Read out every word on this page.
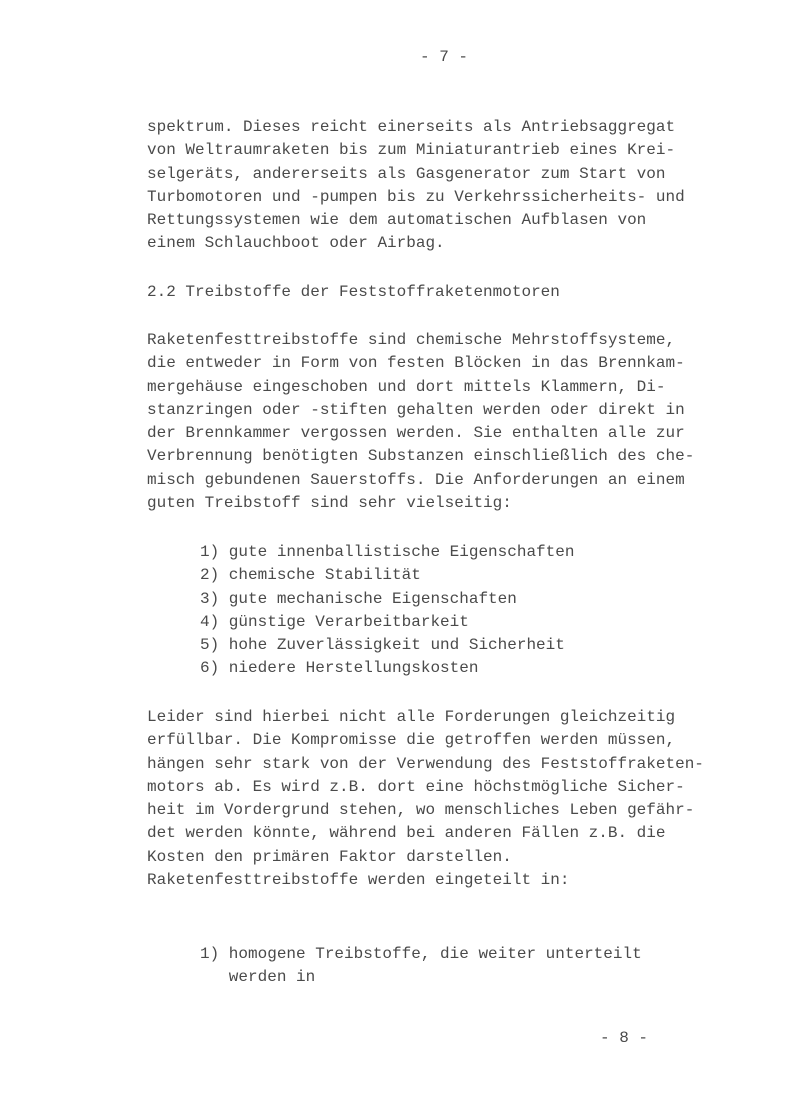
- 7 -
spektrum. Dieses reicht einerseits als Antriebsaggregat
von Weltraumraketen bis zum Miniaturantrieb eines Krei-
selgeräts, andererseits als Gasgenerator zum Start von
Turbomotoren und -pumpen bis zu Verkehrssicherheits- und
Rettungssystemen wie dem automatischen Aufblasen von
einem Schlauchboot oder Airbag.
2.2 Treibstoffe der Feststoffraketenmotoren
Raketenfesttreibstoffe sind chemische Mehrstoffsysteme,
die entweder in Form von festen Blöcken in das Brennkam-
mergehäuse eingeschoben und dort mittels Klammern, Di-
stanzringen oder -stiften gehalten werden oder direkt in
der Brennkammer vergossen werden. Sie enthalten alle zur
Verbrennung benötigten Substanzen einschließlich des che-
misch gebundenen Sauerstoffs. Die Anforderungen an einem
guten Treibstoff sind sehr vielseitig:
1) gute innenballistische Eigenschaften
2) chemische Stabilität
3) gute mechanische Eigenschaften
4) günstige Verarbeitbarkeit
5) hohe Zuverlässigkeit und Sicherheit
6) niedere Herstellungskosten
Leider sind hierbei nicht alle Forderungen gleichzeitig
erfüllbar. Die Kompromisse die getroffen werden müssen,
hängen sehr stark von der Verwendung des Feststoffraketen-
motors ab. Es wird z.B. dort eine höchstmögliche Sicher-
heit im Vordergrund stehen, wo menschliches Leben gefähr-
det werden könnte, während bei anderen Fällen z.B. die
Kosten den primären Faktor darstellen.
Raketenfesttreibstoffe werden eingeteilt in:
1) homogene Treibstoffe, die weiter unterteilt
werden in
- 8 -
